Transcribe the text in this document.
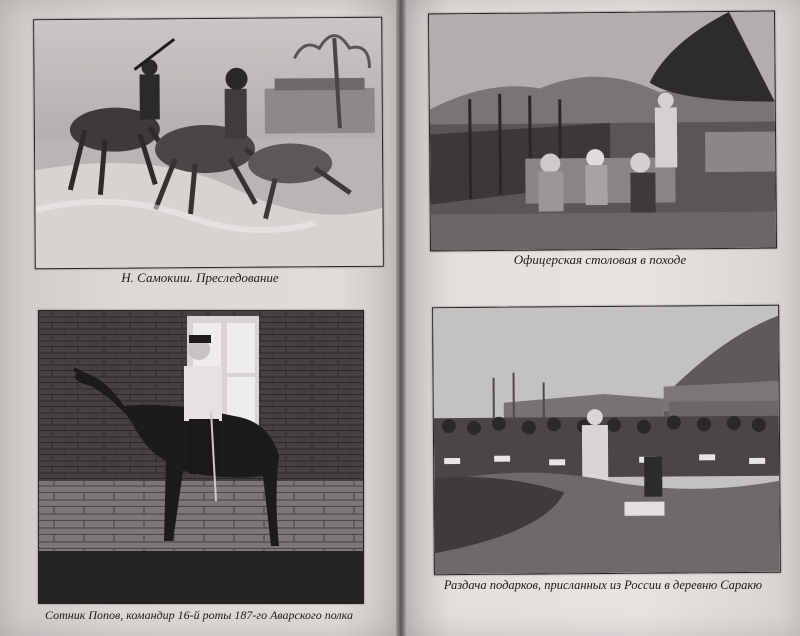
Н. Самокиш. Преследование
Офицерская столовая в походе
Сотник Попов, командир 16-й роты 187-го Аварского полка
Раздача подарков, присланных из России в деревню Саракю
